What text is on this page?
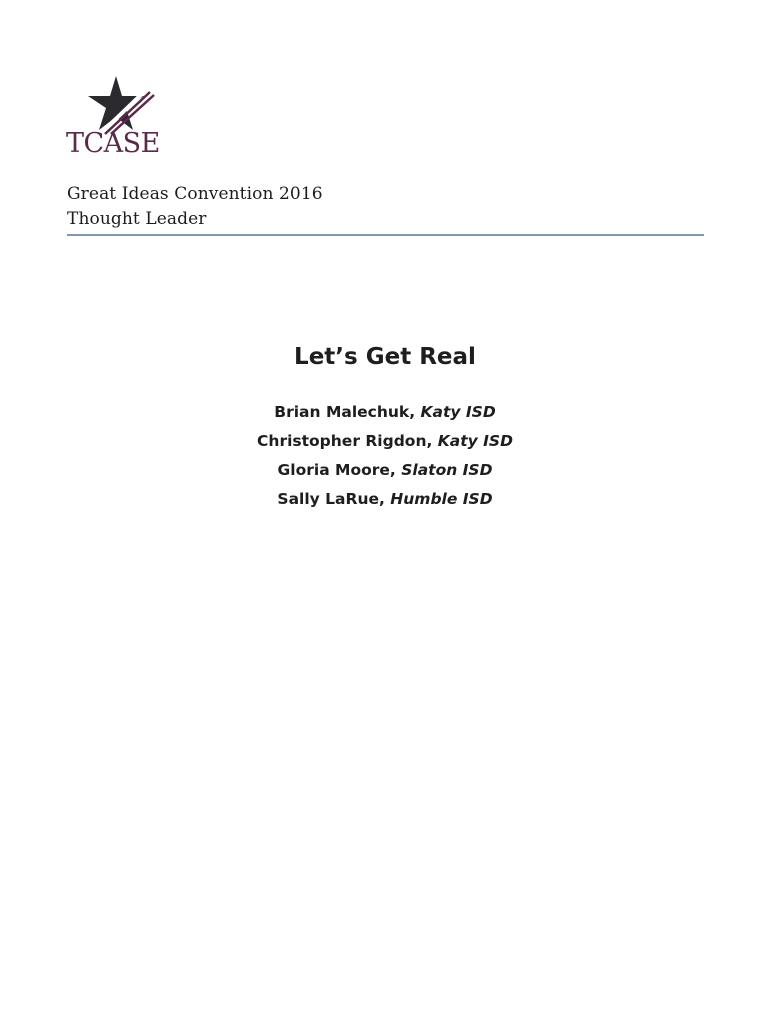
TCASE
Great Ideas Convention 2016
Thought Leader
Let’s Get Real
Brian Malechuk, Katy ISD
Christopher Rigdon, Katy ISD
Gloria Moore, Slaton ISD
Sally LaRue, Humble ISD
